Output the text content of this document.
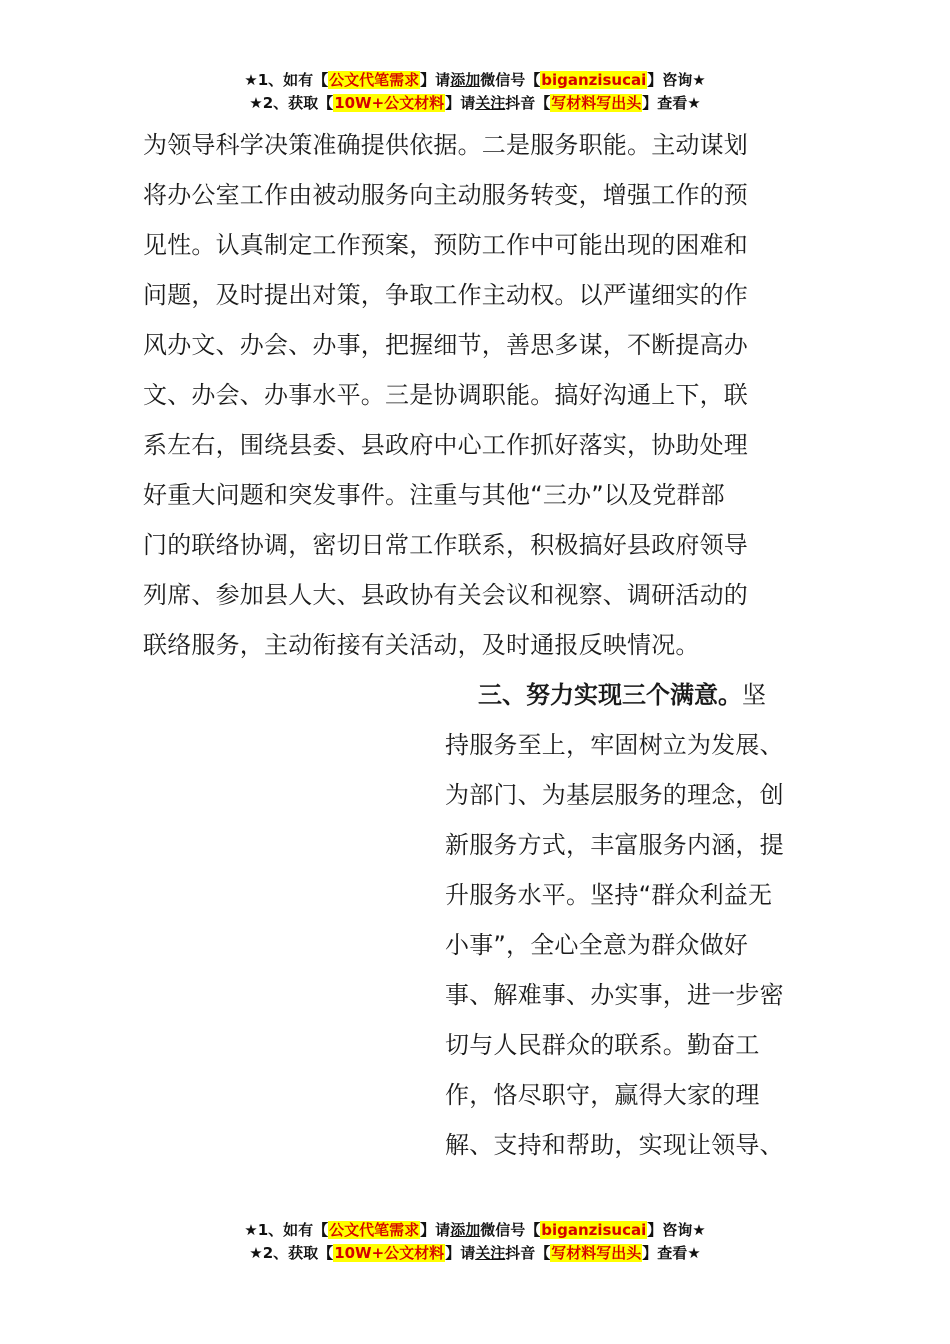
★1、如有【公文代笔需求】请添加微信号【biganzisucai】咨询★
★2、获取【10W+公文材料】请关注抖音【写材料写出头】查看★
为领导科学决策准确提供依据。二是服务职能。主动谋划
将办公室工作由被动服务向主动服务转变，增强工作的预
见性。认真制定工作预案，预防工作中可能出现的困难和
问题，及时提出对策，争取工作主动权。以严谨细实的作
风办文、办会、办事，把握细节，善思多谋，不断提高办
文、办会、办事水平。三是协调职能。搞好沟通上下，联
系左右，围绕县委、县政府中心工作抓好落实，协助处理
好重大问题和突发事件。注重与其他“三办”以及党群部
门的联络协调，密切日常工作联系，积极搞好县政府领导
列席、参加县人大、县政协有关会议和视察、调研活动的
联络服务，主动衔接有关活动，及时通报反映情况。
三、努力实现三个满意。坚
持服务至上，牢固树立为发展、
为部门、为基层服务的理念，创
新服务方式，丰富服务内涵，提
升服务水平。坚持“群众利益无
小事”，全心全意为群众做好
事、解难事、办实事，进一步密
切与人民群众的联系。勤奋工
作，恪尽职守，赢得大家的理
解、支持和帮助，实现让领导、
★1、如有【公文代笔需求】请添加微信号【biganzisucai】咨询★
★2、获取【10W+公文材料】请关注抖音【写材料写出头】查看★
